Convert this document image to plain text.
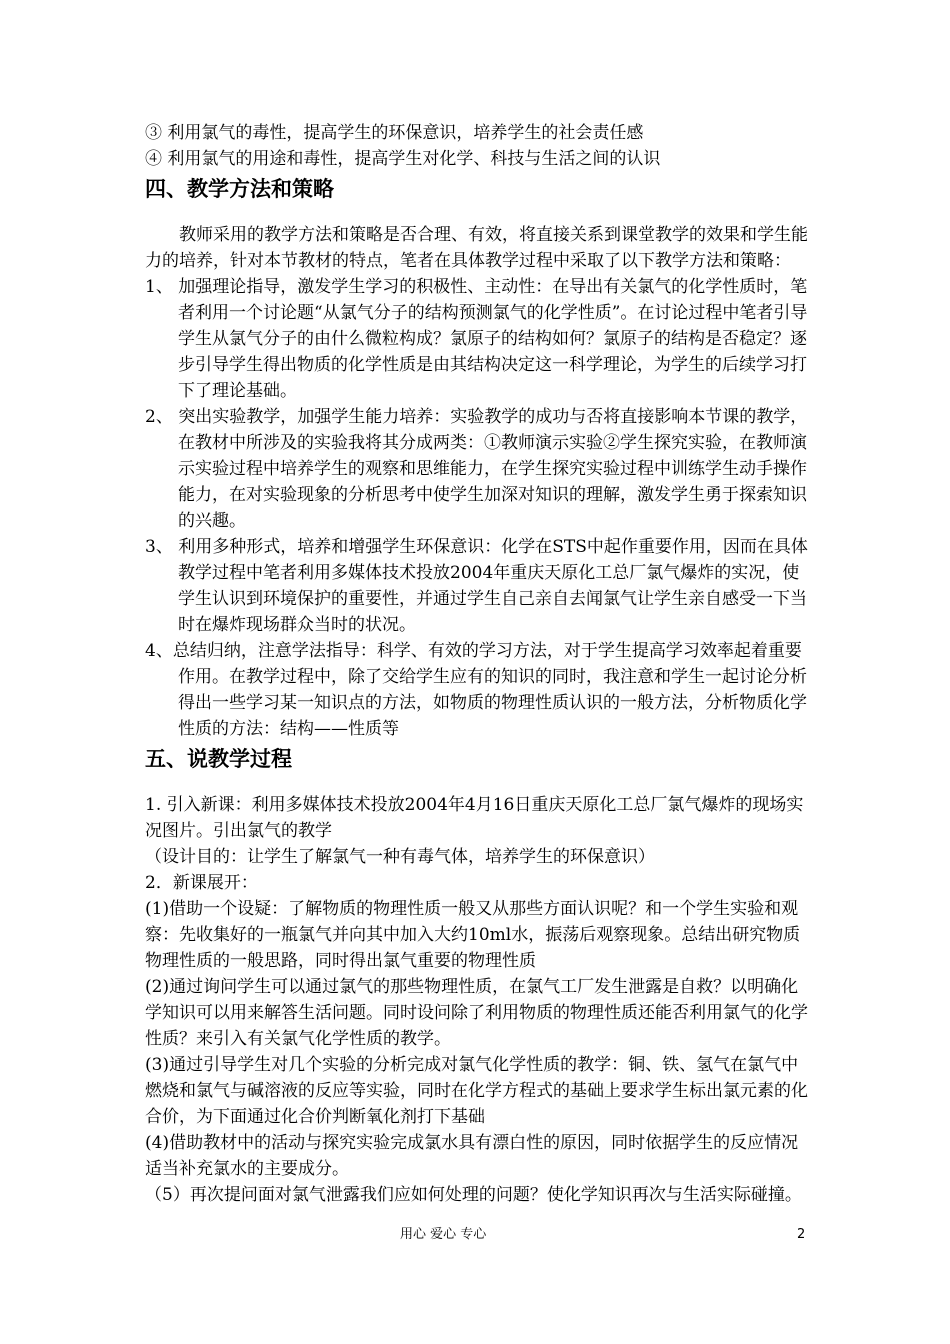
③ 利用氯气的毒性，提高学生的环保意识，培养学生的社会责任感

④ 利用氯气的用途和毒性，提高学生对化学、科技与生活之间的认识

四、教学方法和策略

教师采用的教学方法和策略是否合理、有效，将直接关系到课堂教学的效果和学生能力的培养，针对本节教材的特点，笔者在具体教学过程中采取了以下教学方法和策略：

1、 加强理论指导，激发学生学习的积极性、主动性：在导出有关氯气的化学性质时，笔者利用一个讨论题“从氯气分子的结构预测氯气的化学性质”。在讨论过程中笔者引导学生从氯气分子的由什么微粒构成？氯原子的结构如何？氯原子的结构是否稳定？逐步引导学生得出物质的化学性质是由其结构决定这一科学理论，为学生的后续学习打下了理论基础。

2、 突出实验教学，加强学生能力培养：实验教学的成功与否将直接影响本节课的教学，在教材中所涉及的实验我将其分成两类：①教师演示实验②学生探究实验，在教师演示实验过程中培养学生的观察和思维能力，在学生探究实验过程中训练学生动手操作能力，在对实验现象的分析思考中使学生加深对知识的理解，激发学生勇于探索知识的兴趣。

3、 利用多种形式，培养和增强学生环保意识：化学在STS中起作重要作用，因而在具体教学过程中笔者利用多媒体技术投放2004年重庆天原化工总厂氯气爆炸的实况，使学生认识到环境保护的重要性，并通过学生自己亲自去闻氯气让学生亲自感受一下当时在爆炸现场群众当时的状况。

4、总结归纳，注意学法指导：科学、有效的学习方法，对于学生提高学习效率起着重要作用。在教学过程中，除了交给学生应有的知识的同时，我注意和学生一起讨论分析得出一些学习某一知识点的方法，如物质的物理性质认识的一般方法，分析物质化学性质的方法：结构——性质等

五、说教学过程

1. 引入新课：利用多媒体技术投放2004年4月16日重庆天原化工总厂氯气爆炸的现场实况图片。引出氯气的教学

（设计目的：让学生了解氯气一种有毒气体，培养学生的环保意识）

2．新课展开：

(1)借助一个设疑：了解物质的物理性质一般又从那些方面认识呢？和一个学生实验和观察：先收集好的一瓶氯气并向其中加入大约10ml水，振荡后观察现象。总结出研究物质物理性质的一般思路，同时得出氯气重要的物理性质

(2)通过询问学生可以通过氯气的那些物理性质，在氯气工厂发生泄露是自救？以明确化学知识可以用来解答生活问题。同时设问除了利用物质的物理性质还能否利用氯气的化学性质？来引入有关氯气化学性质的教学。

(3)通过引导学生对几个实验的分析完成对氯气化学性质的教学：铜、铁、氢气在氯气中燃烧和氯气与碱溶液的反应等实验，同时在化学方程式的基础上要求学生标出氯元素的化合价，为下面通过化合价判断氧化剂打下基础

(4)借助教材中的活动与探究实验完成氯水具有漂白性的原因，同时依据学生的反应情况适当补充氯水的主要成分。

（5）再次提问面对氯气泄露我们应如何处理的问题？使化学知识再次与生活实际碰撞。

用心 爱心 专心	2
